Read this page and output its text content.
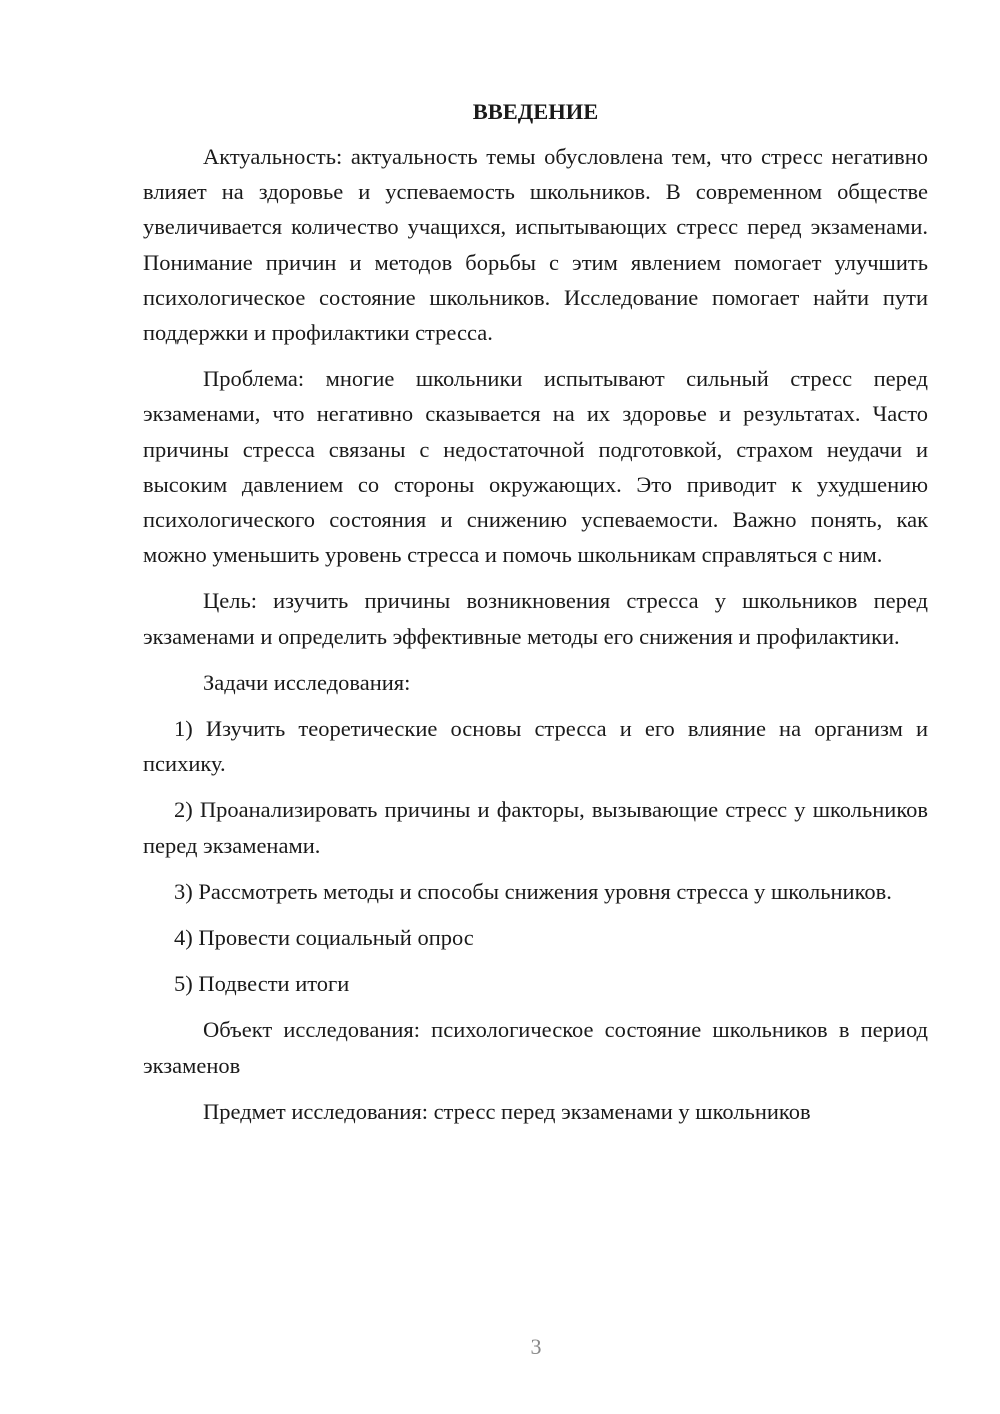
ВВЕДЕНИЕ

Актуальность: актуальность темы обусловлена тем, что стресс негативно влияет на здоровье и успеваемость школьников. В современном обществе увеличивается количество учащихся, испытывающих стресс перед экзаменами. Понимание причин и методов борьбы с этим явлением помогает улучшить психологическое состояние школьников. Исследование помогает найти пути поддержки и профилактики стресса.

Проблема: многие школьники испытывают сильный стресс перед экзаменами, что негативно сказывается на их здоровье и результатах. Часто причины стресса связаны с недостаточной подготовкой, страхом неудачи и высоким давлением со стороны окружающих. Это приводит к ухудшению психологического состояния и снижению успеваемости. Важно понять, как можно уменьшить уровень стресса и помочь школьникам справляться с ним.

Цель: изучить причины возникновения стресса у школьников перед экзаменами и определить эффективные методы его снижения и профилактики.

Задачи исследования:

1) Изучить теоретические основы стресса и его влияние на организм и психику.

2) Проанализировать причины и факторы, вызывающие стресс у школьников перед экзаменами.

3) Рассмотреть методы и способы снижения уровня стресса у школьников.

4) Провести социальный опрос

5) Подвести итоги

Объект исследования: психологическое состояние школьников в период экзаменов

Предмет исследования: стресс перед экзаменами у школьников

3
